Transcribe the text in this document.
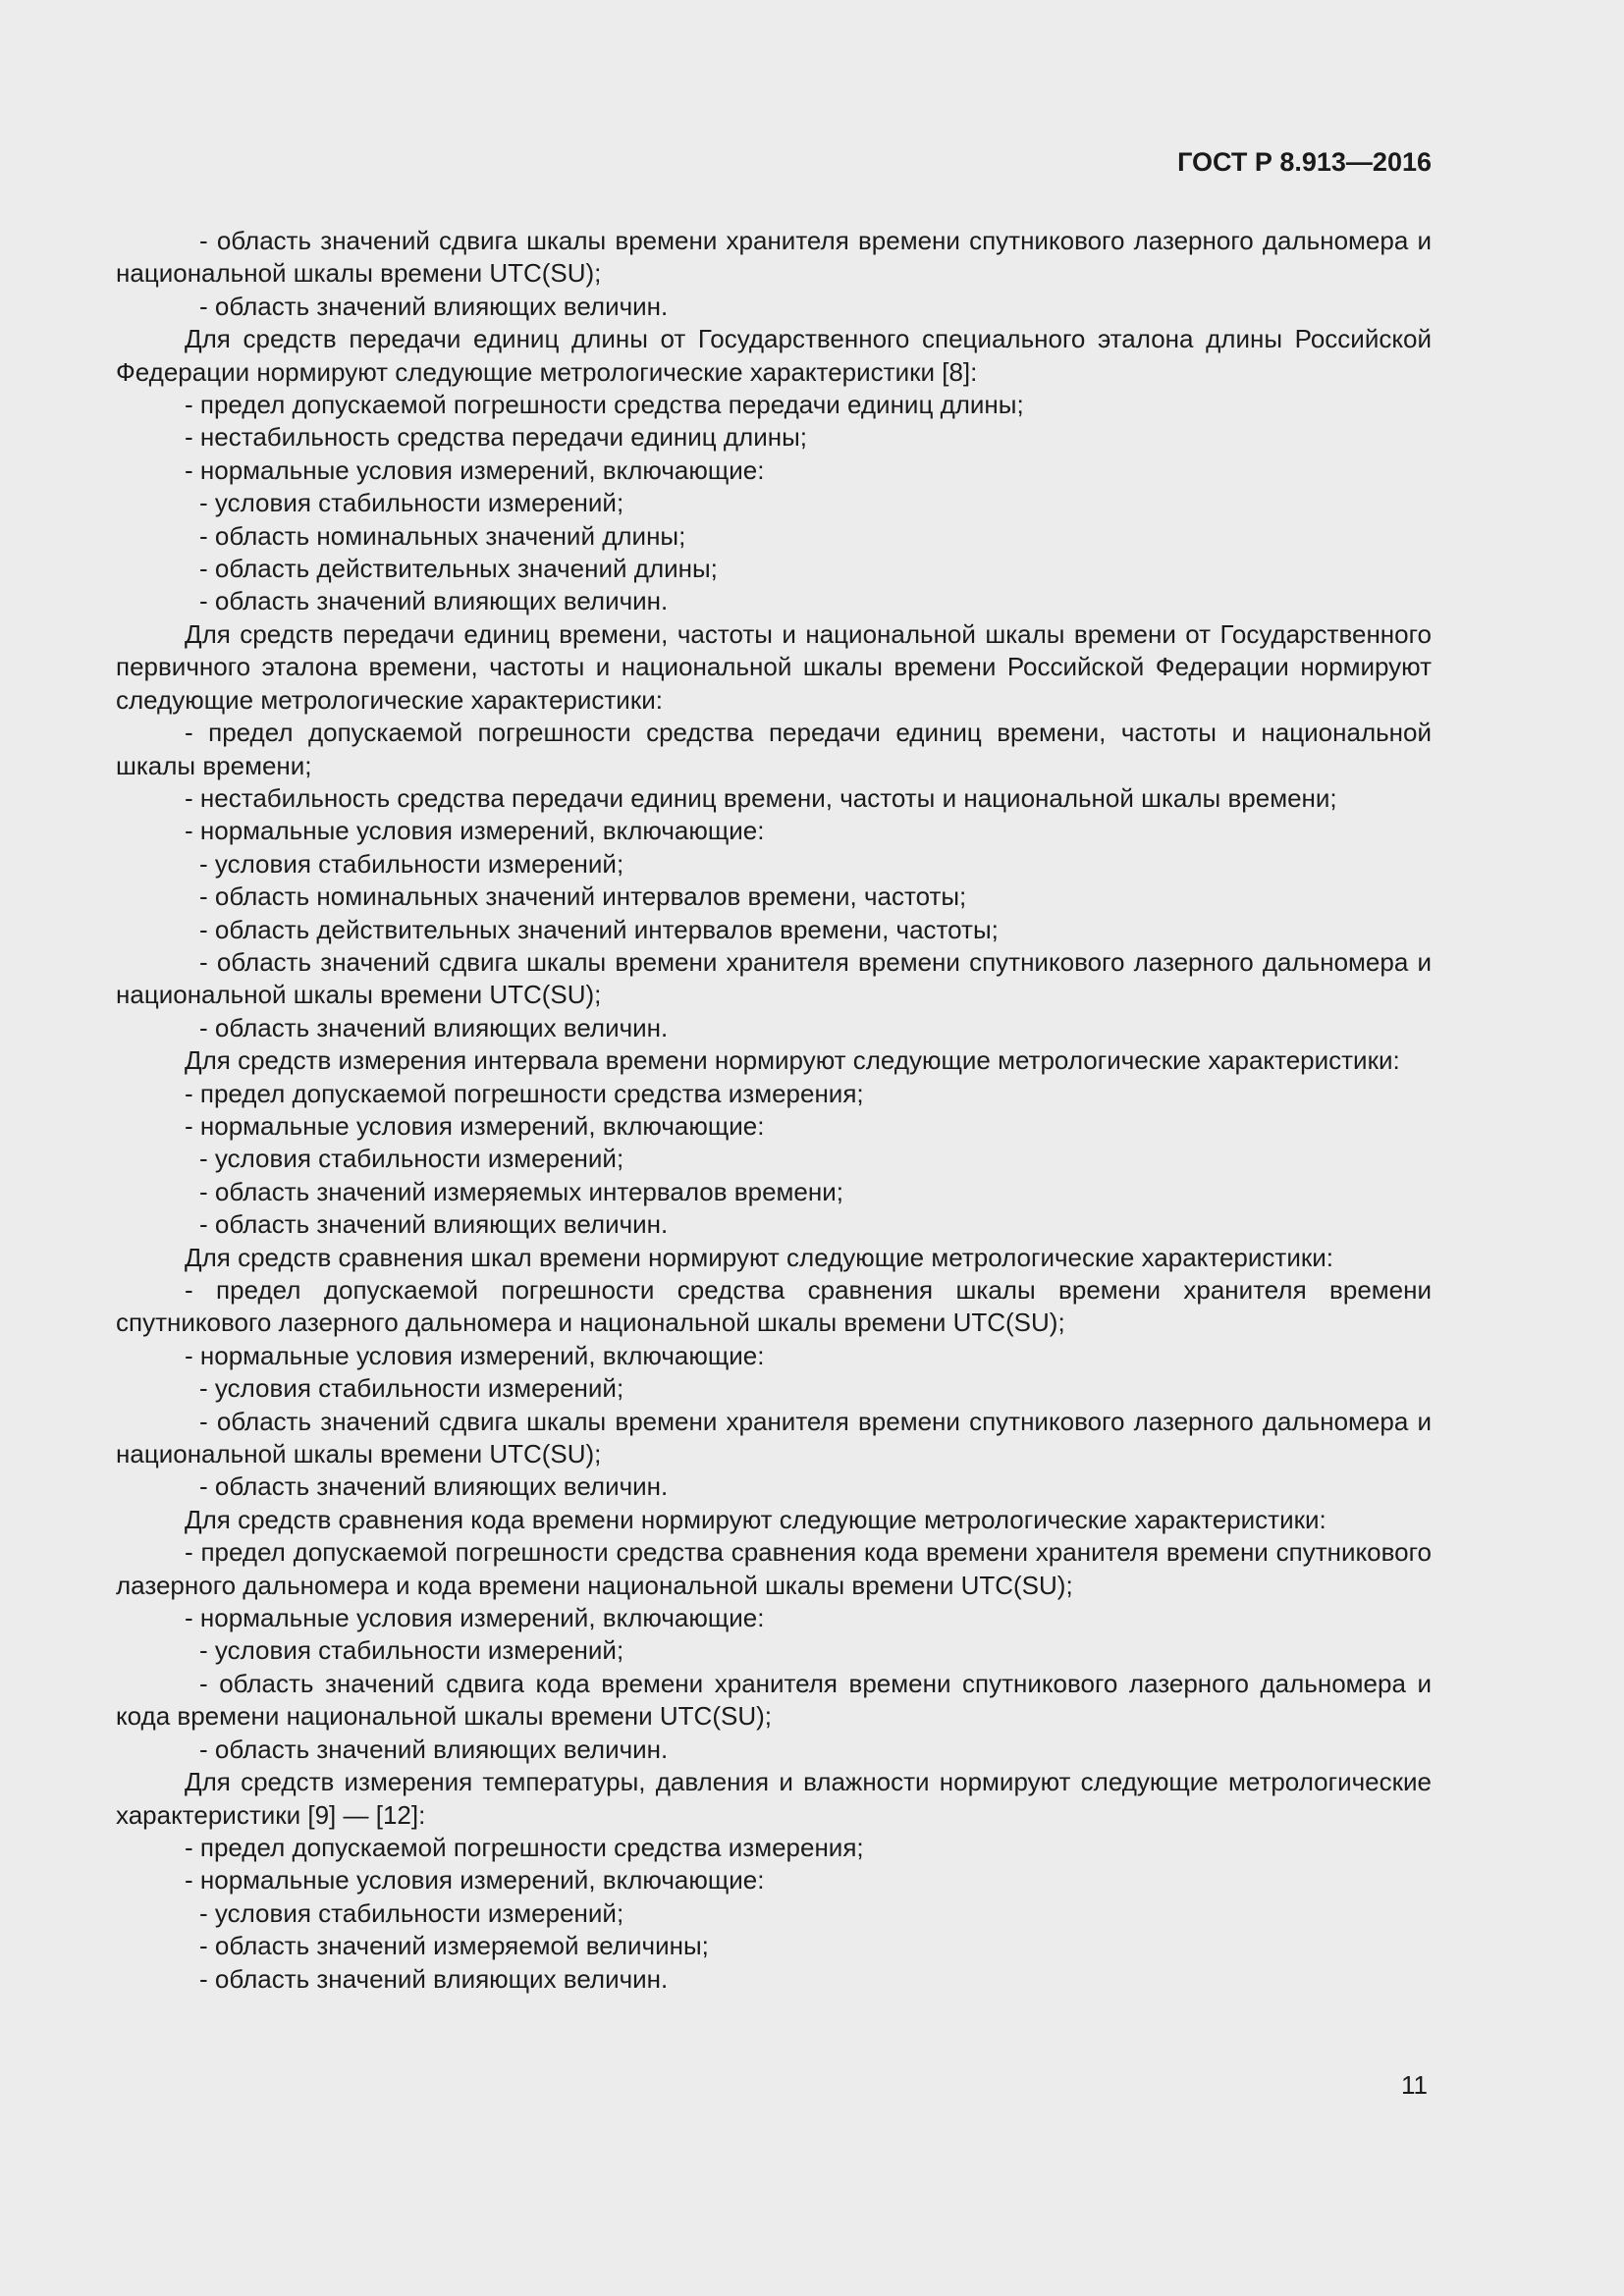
ГОСТ Р 8.913—2016

- область значений сдвига шкалы времени хранителя времени спутникового лазерного дальномера и национальной шкалы времени UTC(SU);

- область значений влияющих величин.

Для средств передачи единиц длины от Государственного специального эталона длины Российской Федерации нормируют следующие метрологические характеристики [8]:

- предел допускаемой погрешности средства передачи единиц длины;

- нестабильность средства передачи единиц длины;

- нормальные условия измерений, включающие:

- условия стабильности измерений;

- область номинальных значений длины;

- область действительных значений длины;

- область значений влияющих величин.

Для средств передачи единиц времени, частоты и национальной шкалы времени от Государственного первичного эталона времени, частоты и национальной шкалы времени Российской Федерации нормируют следующие метрологические характеристики:

- предел допускаемой погрешности средства передачи единиц времени, частоты и национальной шкалы времени;

- нестабильность средства передачи единиц времени, частоты и национальной шкалы времени;

- нормальные условия измерений, включающие:

- условия стабильности измерений;

- область номинальных значений интервалов времени, частоты;

- область действительных значений интервалов времени, частоты;

- область значений сдвига шкалы времени хранителя времени спутникового лазерного дальномера и национальной шкалы времени UTC(SU);

- область значений влияющих величин.

Для средств измерения интервала времени нормируют следующие метрологические характеристики:

- предел допускаемой погрешности средства измерения;

- нормальные условия измерений, включающие:

- условия стабильности измерений;

- область значений измеряемых интервалов времени;

- область значений влияющих величин.

Для средств сравнения шкал времени нормируют следующие метрологические характеристики:

- предел допускаемой погрешности средства сравнения шкалы времени хранителя времени спутникового лазерного дальномера и национальной шкалы времени UTC(SU);

- нормальные условия измерений, включающие:

- условия стабильности измерений;

- область значений сдвига шкалы времени хранителя времени спутникового лазерного дальномера и национальной шкалы времени UTC(SU);

- область значений влияющих величин.

Для средств сравнения кода времени нормируют следующие метрологические характеристики:

- предел допускаемой погрешности средства сравнения кода времени хранителя времени спутникового лазерного дальномера и кода времени национальной шкалы времени UTC(SU);

- нормальные условия измерений, включающие:

- условия стабильности измерений;

- область значений сдвига кода времени хранителя времени спутникового лазерного дальномера и кода времени национальной шкалы времени UTC(SU);

- область значений влияющих величин.

Для средств измерения температуры, давления и влажности нормируют следующие метрологические характеристики [9] — [12]:

- предел допускаемой погрешности средства измерения;

- нормальные условия измерений, включающие:

- условия стабильности измерений;

- область значений измеряемой величины;

- область значений влияющих величин.

11
